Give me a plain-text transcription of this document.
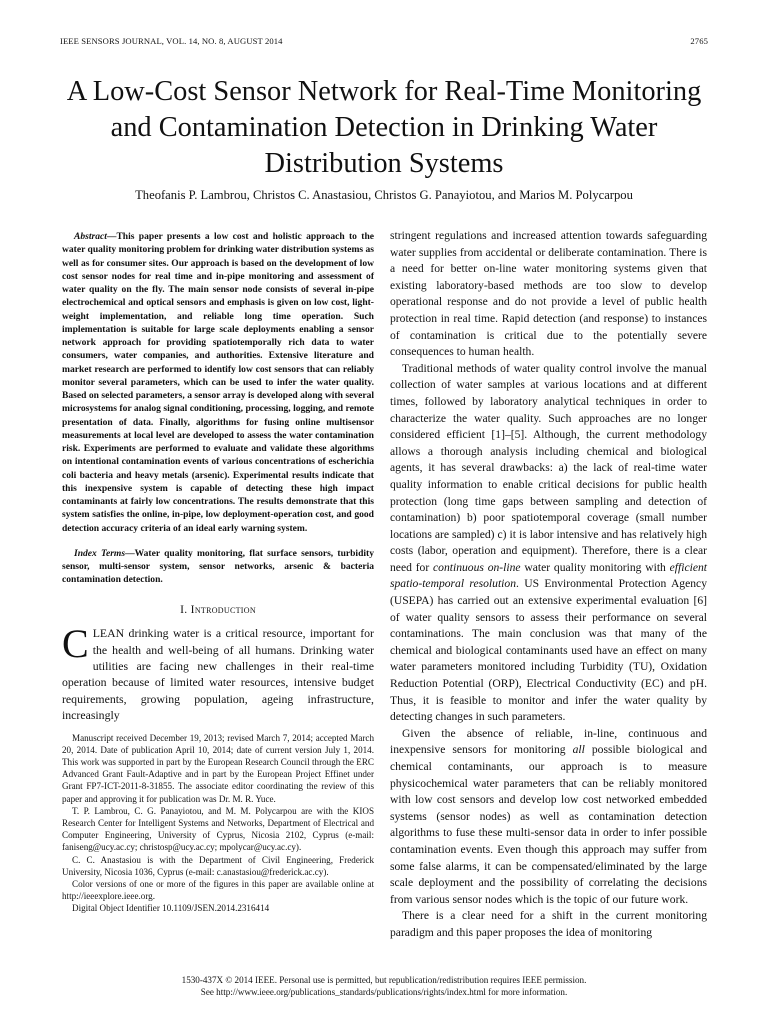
IEEE SENSORS JOURNAL, VOL. 14, NO. 8, AUGUST 2014	2765
A Low-Cost Sensor Network for Real-Time Monitoring and Contamination Detection in Drinking Water Distribution Systems
Theofanis P. Lambrou, Christos C. Anastasiou, Christos G. Panayiotou, and Marios M. Polycarpou

Abstract—This paper presents a low cost and holistic approach to the water quality monitoring problem for drinking water distribution systems as well as for consumer sites. Our approach is based on the development of low cost sensor nodes for real time and in-pipe monitoring and assessment of water quality on the fly. The main sensor node consists of several in-pipe electrochemical and optical sensors and emphasis is given on low cost, light-weight implementation, and reliable long time operation. Such implementation is suitable for large scale deployments enabling a sensor network approach for providing spatiotemporally rich data to water consumers, water companies, and authorities. Extensive literature and market research are performed to identify low cost sensors that can reliably monitor several parameters, which can be used to infer the water quality. Based on selected parameters, a sensor array is developed along with several microsystems for analog signal conditioning, processing, logging, and remote presentation of data. Finally, algorithms for fusing online multisensor measurements at local level are developed to assess the water contamination risk. Experiments are performed to evaluate and validate these algorithms on intentional contamination events of various concentrations of escherichia coli bacteria and heavy metals (arsenic). Experimental results indicate that this inexpensive system is capable of detecting these high impact contaminants at fairly low concentrations. The results demonstrate that this system satisfies the online, in-pipe, low deployment-operation cost, and good detection accuracy criteria of an ideal early warning system.

Index Terms—Water quality monitoring, flat surface sensors, turbidity sensor, multi-sensor system, sensor networks, arsenic & bacteria contamination detection.

I. Introduction

CLEAN drinking water is a critical resource, important for the health and well-being of all humans. Drinking water utilities are facing new challenges in their real-time operation because of limited water resources, intensive budget requirements, growing population, ageing infrastructure, increasingly

Manuscript received December 19, 2013; revised March 7, 2014; accepted March 20, 2014. Date of publication April 10, 2014; date of current version July 1, 2014. This work was supported in part by the European Research Council through the ERC Advanced Grant Fault-Adaptive and in part by the European Project Effinet under Grant FP7-ICT-2011-8-31855. The associate editor coordinating the review of this paper and approving it for publication was Dr. M. R. Yuce.

T. P. Lambrou, C. G. Panayiotou, and M. M. Polycarpou are with the KIOS Research Center for Intelligent Systems and Networks, Department of Electrical and Computer Engineering, University of Cyprus, Nicosia 2102, Cyprus (e-mail: faniseng@ucy.ac.cy; christosp@ucy.ac.cy; mpolycar@ucy.ac.cy).

C. C. Anastasiou is with the Department of Civil Engineering, Frederick University, Nicosia 1036, Cyprus (e-mail: c.anastasiou@frederick.ac.cy).

Color versions of one or more of the figures in this paper are available online at http://ieeexplore.ieee.org.

Digital Object Identifier 10.1109/JSEN.2014.2316414

stringent regulations and increased attention towards safeguarding water supplies from accidental or deliberate contamination. There is a need for better on-line water monitoring systems given that existing laboratory-based methods are too slow to develop operational response and do not provide a level of public health protection in real time. Rapid detection (and response) to instances of contamination is critical due to the potentially severe consequences to human health.

Traditional methods of water quality control involve the manual collection of water samples at various locations and at different times, followed by laboratory analytical techniques in order to characterize the water quality. Such approaches are no longer considered efficient [1]–[5]. Although, the current methodology allows a thorough analysis including chemical and biological agents, it has several drawbacks: a) the lack of real-time water quality information to enable critical decisions for public health protection (long time gaps between sampling and detection of contamination) b) poor spatiotemporal coverage (small number locations are sampled) c) it is labor intensive and has relatively high costs (labor, operation and equipment). Therefore, there is a clear need for continuous on-line water quality monitoring with efficient spatio-temporal resolution. US Environmental Protection Agency (USEPA) has carried out an extensive experimental evaluation [6] of water quality sensors to assess their performance on several contaminations. The main conclusion was that many of the chemical and biological contaminants used have an effect on many water parameters monitored including Turbidity (TU), Oxidation Reduction Potential (ORP), Electrical Conductivity (EC) and pH. Thus, it is feasible to monitor and infer the water quality by detecting changes in such parameters.

Given the absence of reliable, in-line, continuous and inexpensive sensors for monitoring all possible biological and chemical contaminants, our approach is to measure physicochemical water parameters that can be reliably monitored with low cost sensors and develop low cost networked embedded systems (sensor nodes) as well as contamination detection algorithms to fuse these multi-sensor data in order to infer possible contamination events. Even though this approach may suffer from some false alarms, it can be compensated/eliminated by the large scale deployment and the possibility of correlating the decisions from various sensor nodes which is the topic of our future work.

There is a clear need for a shift in the current monitoring paradigm and this paper proposes the idea of monitoring

1530-437X © 2014 IEEE. Personal use is permitted, but republication/redistribution requires IEEE permission.
See http://www.ieee.org/publications_standards/publications/rights/index.html for more information.
